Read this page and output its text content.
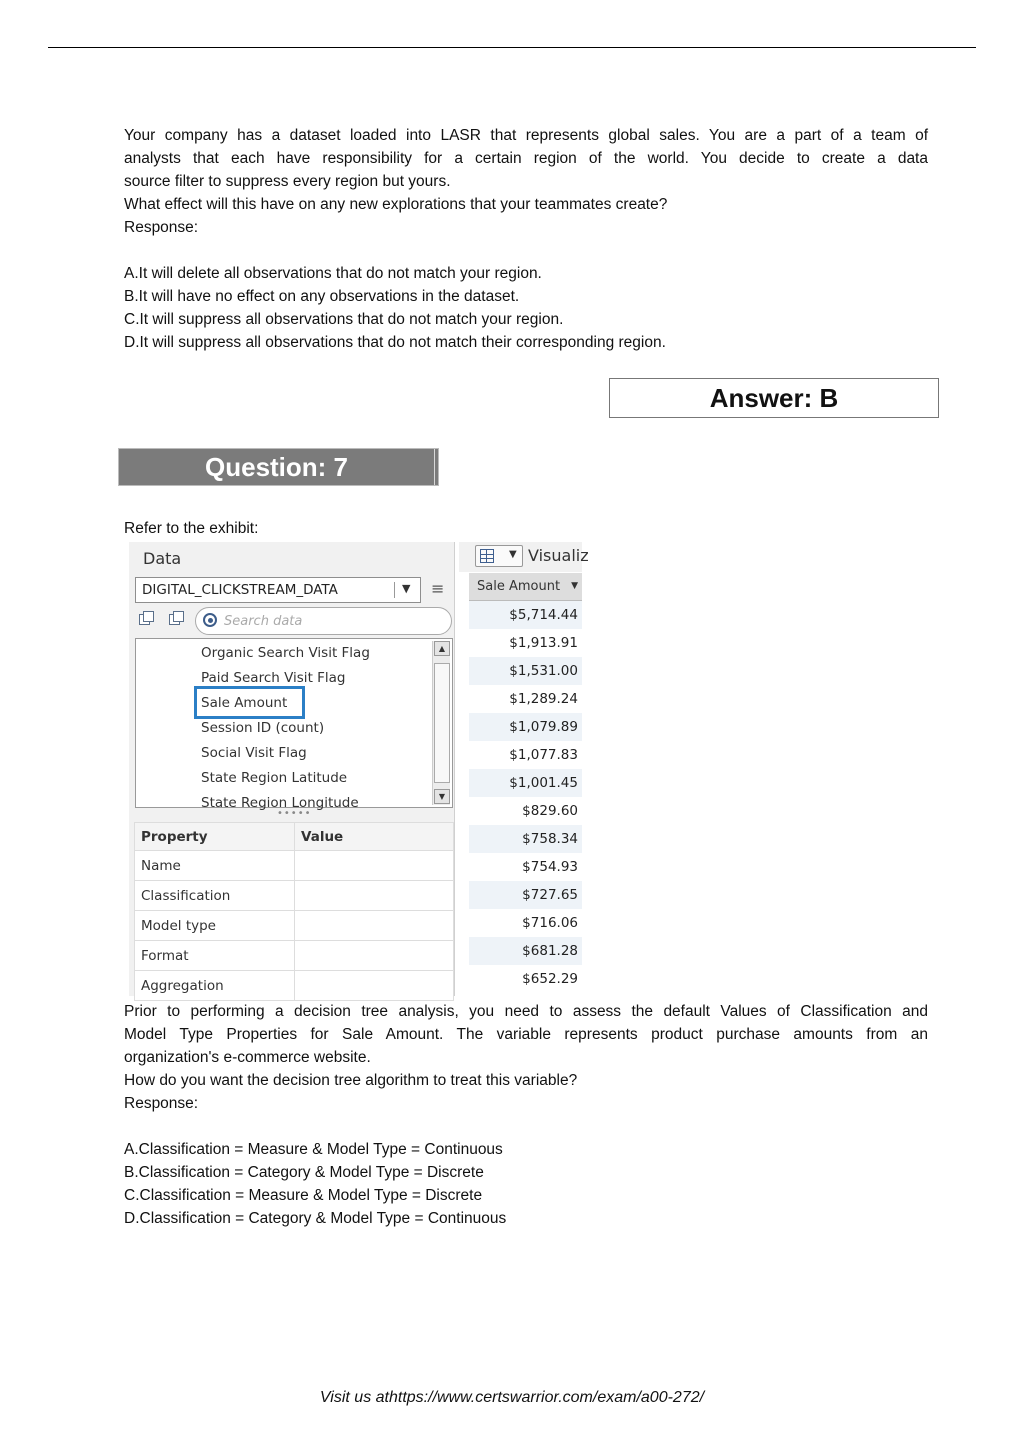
Your company has a dataset loaded into LASR that represents global sales. You are a part of a team of
analysts that each have responsibility for a certain region of the world. You decide to create a data
source filter to suppress every region but yours.
What effect will this have on any new explorations that your teammates create?
Response:
A.It will delete all observations that do not match your region.
B.It will have no effect on any observations in the dataset.
C.It will suppress all observations that do not match your region.
D.It will suppress all observations that do not match their corresponding region.
Answer: B
Question: 7
Refer to the exhibit:
Data
DIGITAL_CLICKSTREAM_DATA	▼ ≡
Search data
Organic Search Visit Flag
Paid Search Visit Flag
Sale Amount
Session ID (count)
Social Visit Flag
State Region Latitude
State Region Longitude
▲
▼
•••••
Property	Value
Name	
Classification	
Model type	
Format	
Aggregation	
▼ Visualiz
Sale Amount ▼
$5,714.44
$1,913.91
$1,531.00
$1,289.24
$1,079.89
$1,077.83
$1,001.45
$829.60
$758.34
$754.93
$727.65
$716.06
$681.28
$652.29
Prior to performing a decision tree analysis, you need to assess the default Values of Classification and
Model Type Properties for Sale Amount. The variable represents product purchase amounts from an
organization's e-commerce website.
How do you want the decision tree algorithm to treat this variable?
Response:
A.Classification = Measure & Model Type = Continuous
B.Classification = Category & Model Type = Discrete
C.Classification = Measure & Model Type = Discrete
D.Classification = Category & Model Type = Continuous
Visit us athttps://www.certswarrior.com/exam/a00-272/
